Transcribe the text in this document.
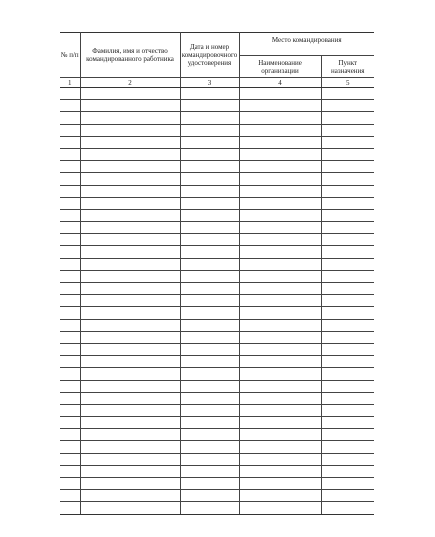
№ п/п	Фамилия, имя и отчество командированного работника	Дата и номер командировочного удостоверения	Место командирования	
			Наименование организации	Пункт назначения
1	2	3	4	5
